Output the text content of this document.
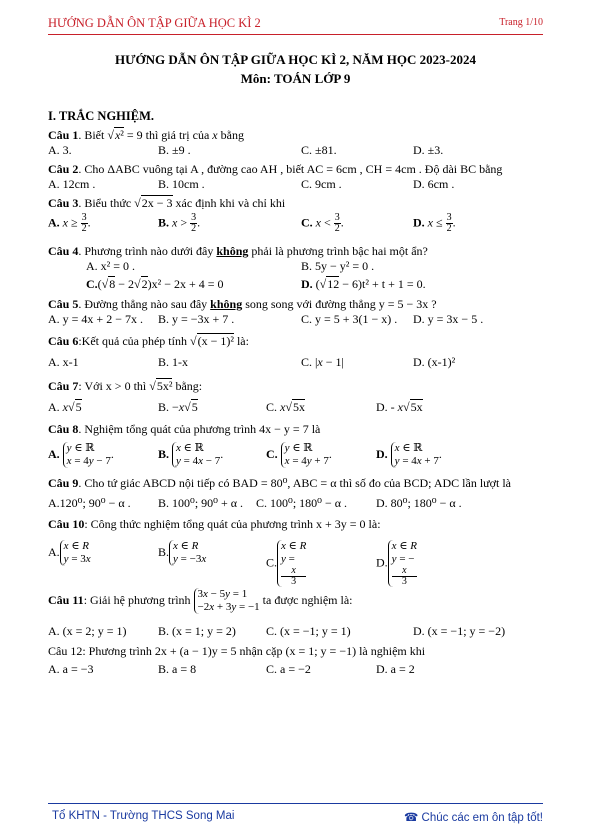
HƯỚNG DẪN ÔN TẬP GIỮA HỌC KÌ 2	Trang 1/10
HƯỚNG DẪN ÔN TẬP GIỮA HỌC KÌ 2, NĂM HỌC 2023-2024
Môn: TOÁN LỚP 9
I. TRẮC NGHIỆM.
Câu 1. Biết √x² = 9 thì giá trị của x bằng
A. 3.	B. ±9 .	C. ±81.	D. ±3.
Câu 2. Cho ΔABC vuông tại A , đường cao AH , biết AC = 6cm , CH = 4cm . Độ dài BC bằng
A. 12cm .	B. 10cm .	C. 9cm .	D. 6cm .
Câu 3. Biểu thức √2x − 3 xác định khi và chỉ khi
A. $x \ge \frac{3}{2}$ .	B. $x > \frac{3}{2}$ .	C. $x < \frac{3}{2}$ .	D. $x \le \frac{3}{2}$ .
Câu 4. Phương trình nào dưới đây không phải là phương trình bậc hai một ẩn?
A. x² = 0 .	B. 5y − y² = 0 .
C.(√8 − 2√2)x² − 2x + 4 = 0	D. (√12 − 6)t² + t + 1 = 0.
Câu 5. Đường thẳng nào sau đây không song song với đường thẳng y = 5 − 3x ?
A. y = 4x + 2 − 7x . B. y = −3x + 7 .	C. y = 5 + 3(1 − x) . D. y = 3x − 5 .
Câu 6:Kết quả của phép tính √(x − 1)² là:
A. x-1	B. 1-x	C. |x − 1|	D. (x-1)²
Câu 7: Với x > 0 thì √5x² bằng:
A. x√5	B. −x√5	C. x√5x	D. - x√5x
Câu 8. Nghiệm tổng quát của phương trình 4x − y = 7 là
A. y ∈ ℝ
x = 4y − 7
.	B. x ∈ ℝ
y = 4x − 7
.	C. y ∈ ℝ
x = 4y + 7
.	D. x ∈ ℝ
y = 4x + 7
.
Câu 9. Cho tứ giác ABCD nội tiếp có BAD = 80⁰, ABC = α thì số đo của BCD; ADC lần lượt là
A.120⁰; 90⁰ − α . B. 100⁰; 90⁰ + α . C. 100⁰; 180⁰ − α . D. 80⁰; 180⁰ − α .
Câu 10: Công thức nghiệm tổng quát của phương trình x + 3y = 0 là:
A. x ∈ R
y = 3x
B. x ∈ R
y = −3x	C.
x ∈ R
y =
x
3
D.
x ∈ R
y = −
x
3
Câu 11: Giải hệ phương trình 3x − 5y = 1
−2x + 3y = −1
ta được nghiệm là:
A. (x = 2; y = 1)	B. (x = 1; y = 2)	C. (x = −1; y = 1)	D. (x = −1; y = −2)
Câu 12: Phương trình 2x + (a − 1)y = 5 nhận cặp (x = 1; y = −1) là nghiệm khi
A. a = −3	B. a = 8	C. a = −2	D. a = 2
Tổ KHTN - Trường THCS Song Mai	☎ Chúc các em ôn tập tốt!
